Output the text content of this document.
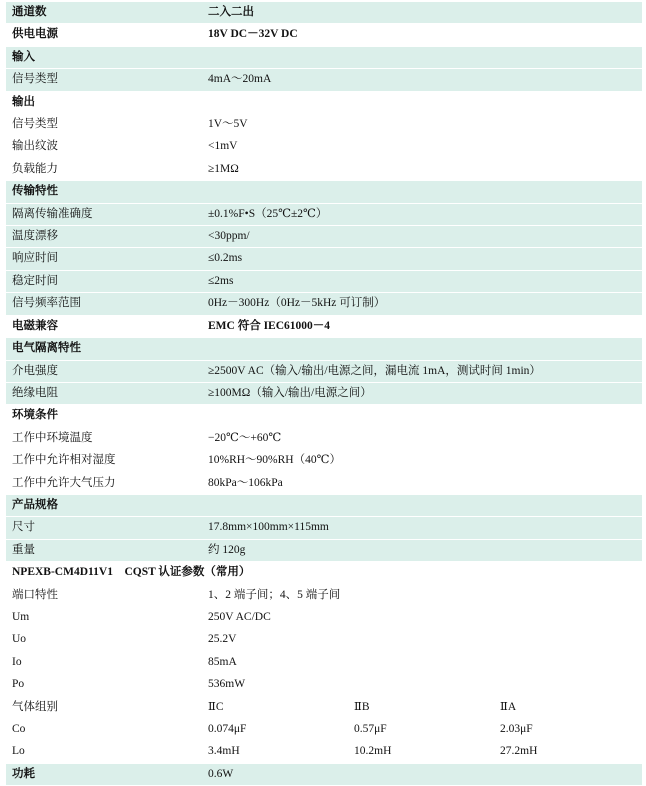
通道数	二入二出		
供电电源	18V DC－32V DC		
输入			
信号类型	4mA～20mA		
输出			
信号类型	1V～5V		
输出纹波	<1mV		
负载能力	≥1MΩ		
传输特性			
隔离传输准确度	±0.1%F•S（25℃±2℃）		
温度漂移	<30ppm/		
响应时间	≤0.2ms		
稳定时间	≤2ms		
信号频率范围	0Hz－300Hz（0Hz－5kHz 可订制）		
电磁兼容	EMC 符合 IEC61000－4		
电气隔离特性			
介电强度	≥2500V AC（输入/输出/电源之间，漏电流 1mA，测试时间 1min）		
绝缘电阻	≥100MΩ（输入/输出/电源之间）		
环境条件			
工作中环境温度	−20℃～+60℃		
工作中允许相对湿度	10%RH～90%RH（40℃）		
工作中允许大气压力	80kPa～106kPa		
产品规格			
尺寸	17.8mm×100mm×115mm		
重量	约 120g		
NPEXB-CM4D11V1　CQST 认证参数（常用）			
端口特性	1、2 端子间；4、5 端子间		
Um	250V AC/DC		
Uo	25.2V		
Io	85mA		
Po	536mW		
气体组别	ⅡC	ⅡB	ⅡA
Co	0.074μF	0.57μF	2.03μF
Lo	3.4mH	10.2mH	27.2mH
功耗	0.6W		
